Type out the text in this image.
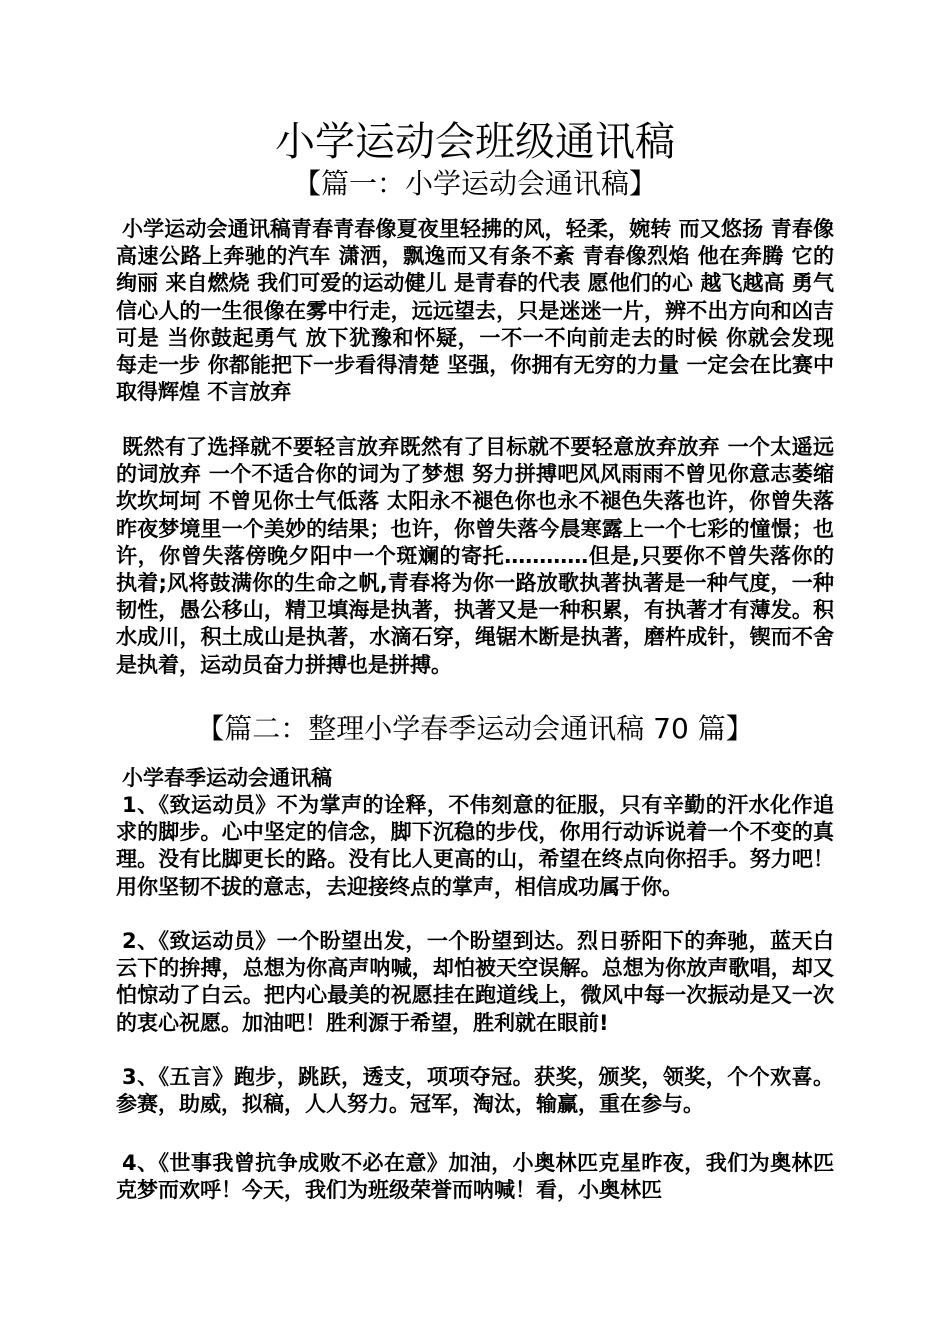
小学运动会班级通讯稿
【篇一：小学运动会通讯稿】

小学运动会通讯稿青春青春像夏夜里轻拂的风，轻柔，婉转 而又悠扬 青春像高速公路上奔驰的汽车 潇洒，飘逸而又有条不紊 青春像烈焰 他在奔腾 它的绚丽 来自燃烧 我们可爱的运动健儿 是青春的代表 愿他们的心 越飞越高 勇气 信心人的一生很像在雾中行走，远远望去，只是迷迷一片，辨不出方向和凶吉可是 当你鼓起勇气 放下犹豫和怀疑，一不一不向前走去的时候 你就会发现 每走一步 你都能把下一步看得清楚 坚强，你拥有无穷的力量 一定会在比赛中取得辉煌 不言放弃

既然有了选择就不要轻言放弃既然有了目标就不要轻意放弃放弃 一个太遥远的词放弃 一个不适合你的词为了梦想 努力拼搏吧风风雨雨不曾见你意志萎缩坎坎坷坷 不曾见你士气低落 太阳永不褪色你也永不褪色失落也许，你曾失落昨夜梦境里一个美妙的结果；也许，你曾失落今晨寒露上一个七彩的憧憬；也许，你曾失落傍晚夕阳中一个斑斓的寄托…………但是,只要你不曾失落你的执着;风将鼓满你的生命之帆,青春将为你一路放歌执著执著是一种气度，一种韧性，愚公移山，精卫填海是执著，执著又是一种积累，有执著才有薄发。积水成川，积土成山是执著，水滴石穿，绳锯木断是执著，磨杵成针，锲而不舍是执着，运动员奋力拼搏也是拼搏。

【篇二：整理小学春季运动会通讯稿 70 篇】

小学春季运动会通讯稿

1、《致运动员》不为掌声的诠释，不伟刻意的征服，只有辛勤的汗水化作追求的脚步。心中坚定的信念，脚下沉稳的步伐，你用行动诉说着一个不变的真理。没有比脚更长的路。没有比人更高的山，希望在终点向你招手。努力吧！用你坚韧不拔的意志，去迎接终点的掌声，相信成功属于你。

2、《致运动员》一个盼望出发，一个盼望到达。烈日骄阳下的奔驰，蓝天白云下的拚搏，总想为你高声呐喊，却怕被天空误解。总想为你放声歌唱，却又怕惊动了白云。把内心最美的祝愿挂在跑道线上，微风中每一次振动是又一次的衷心祝愿。加油吧！胜利源于希望，胜利就在眼前!

3、《五言》跑步，跳跃，透支，项项夺冠。获奖，颁奖，领奖，个个欢喜。参赛，助威，拟稿，人人努力。冠军，淘汰，输赢，重在参与。

4、《世事我曾抗争成败不必在意》加油，小奥林匹克星昨夜，我们为奥林匹克梦而欢呼！今天，我们为班级荣誉而呐喊！看，小奥林匹
